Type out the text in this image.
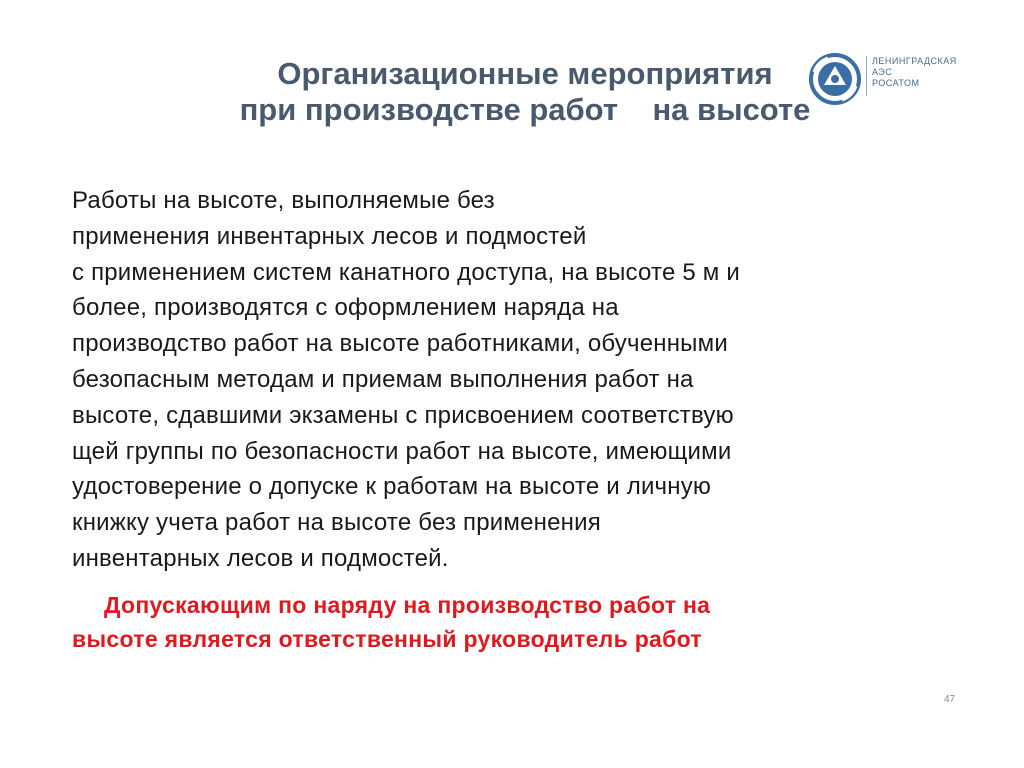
Организационные мероприятия
при производстве работ    на высоте
ЛЕНИНГРАДСКАЯ
АЭС
РОСАТОМ
Работы на высоте, выполняемые без
применения инвентарных лесов и подмостей
с применением систем канатного доступа, на высоте 5 м и
более, производятся с оформлением наряда на
производство работ на высоте работниками, обученными
безопасным методам и приемам выполнения работ на
высоте, сдавшими экзамены с присвоением соответствую
щей группы по безопасности работ на высоте, имеющими
удостоверение о допуске к работам на высоте и личную
книжку учета работ на высоте без применения
инвентарных лесов и подмостей.
Допускающим по наряду на производство работ на
высоте является ответственный руководитель работ
47
